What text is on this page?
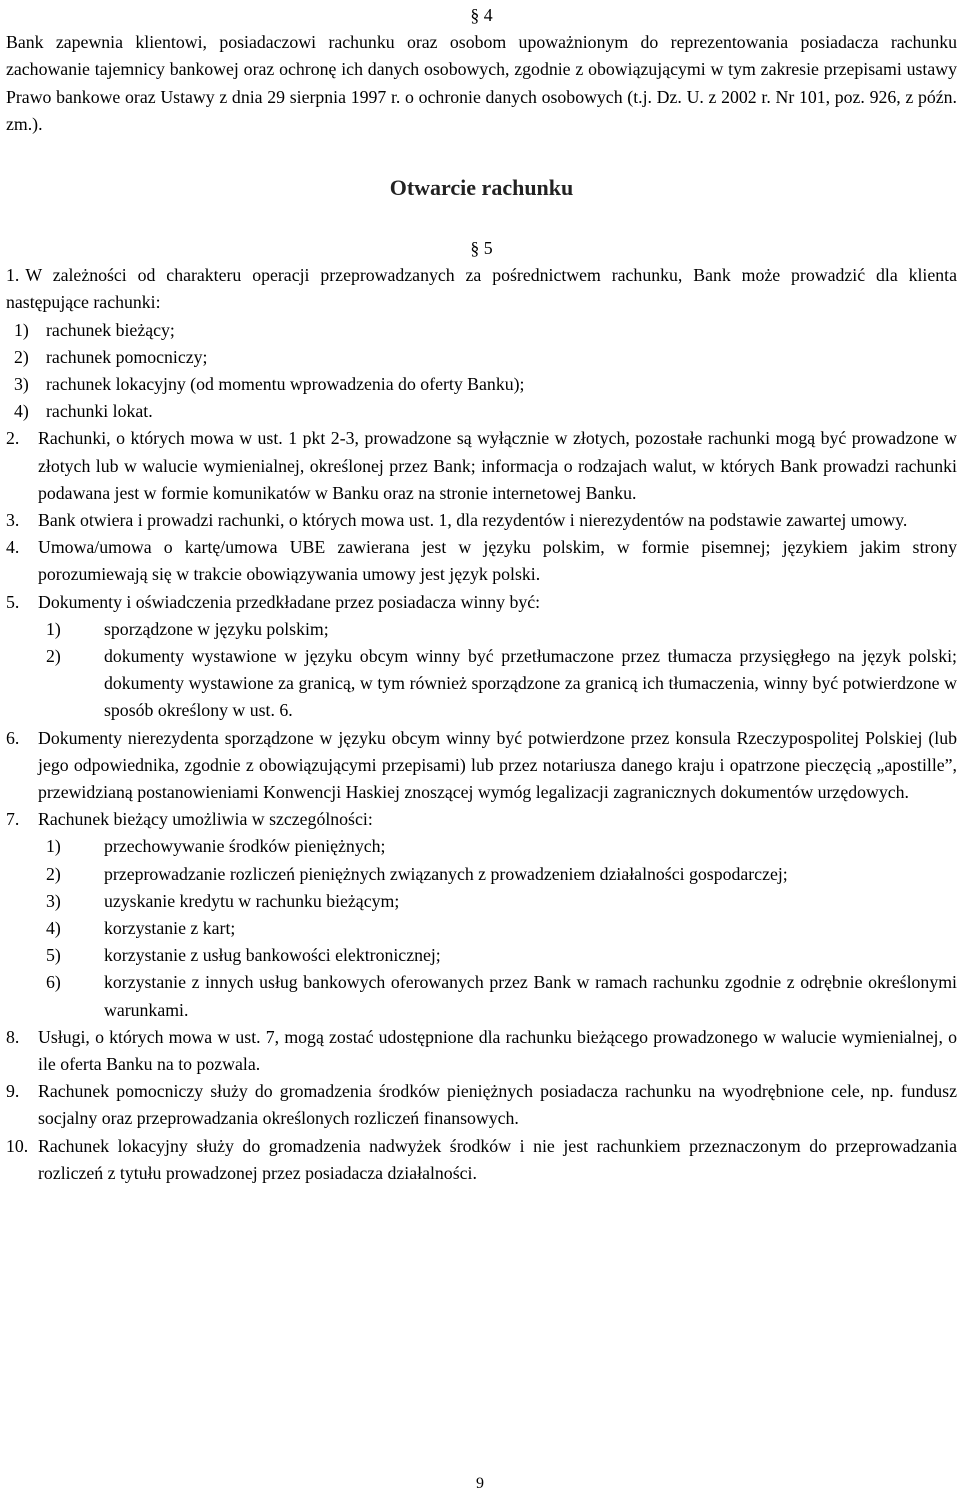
§ 4

Bank zapewnia klientowi, posiadaczowi rachunku oraz osobom upoważnionym do reprezentowania posiadacza rachunku zachowanie tajemnicy bankowej oraz ochronę ich danych osobowych, zgodnie z obowiązującymi w tym zakresie przepisami ustawy Prawo bankowe oraz Ustawy z dnia 29 sierpnia 1997 r. o ochronie danych osobowych (t.j. Dz. U. z 2002 r. Nr 101, poz. 926, z późn. zm.).

Otwarcie rachunku

§ 5

1. W zależności od charakteru operacji przeprowadzanych za pośrednictwem rachunku, Bank może prowadzić dla klienta następujące rachunki:
1) rachunek bieżący;
2) rachunek pomocniczy;
3) rachunek lokacyjny (od momentu wprowadzenia do oferty Banku);
4) rachunki lokat.
2. Rachunki, o których mowa w ust. 1 pkt 2-3, prowadzone są wyłącznie w złotych, pozostałe rachunki mogą być prowadzone w złotych lub w walucie wymienialnej, określonej przez Bank; informacja o rodzajach walut, w których Bank prowadzi rachunki podawana jest w formie komunikatów w Banku oraz na stronie internetowej Banku.
3. Bank otwiera i prowadzi rachunki, o których mowa ust. 1, dla rezydentów i nierezydentów na podstawie zawartej umowy.
4. Umowa/umowa o kartę/umowa UBE zawierana jest w języku polskim, w formie pisemnej; językiem jakim strony porozumiewają się w trakcie obowiązywania umowy jest język polski.
5. Dokumenty i oświadczenia przedkładane przez posiadacza winny być:
1) sporządzone w języku polskim;
2) dokumenty wystawione w języku obcym winny być przetłumaczone przez tłumacza przysięgłego na język polski; dokumenty wystawione za granicą, w tym również sporządzone za granicą ich tłumaczenia, winny być potwierdzone w sposób określony w ust. 6.
6. Dokumenty nierezydenta sporządzone w języku obcym winny być potwierdzone przez konsula Rzeczypospolitej Polskiej (lub jego odpowiednika, zgodnie z obowiązującymi przepisami) lub przez notariusza danego kraju i opatrzone pieczęcią „apostille”, przewidzianą postanowieniami Konwencji Haskiej znoszącej wymóg legalizacji zagranicznych dokumentów urzędowych.
7. Rachunek bieżący umożliwia w szczególności:
1) przechowywanie środków pieniężnych;
2) przeprowadzanie rozliczeń pieniężnych związanych z prowadzeniem działalności gospodarczej;
3) uzyskanie kredytu w rachunku bieżącym;
4) korzystanie z kart;
5) korzystanie z usług bankowości elektronicznej;
6) korzystanie z innych usług bankowych oferowanych przez Bank w ramach rachunku zgodnie z odrębnie określonymi warunkami.
8. Usługi, o których mowa w ust. 7, mogą zostać udostępnione dla rachunku bieżącego prowadzonego w walucie wymienialnej, o ile oferta Banku na to pozwala.
9. Rachunek pomocniczy służy do gromadzenia środków pieniężnych posiadacza rachunku na wyodrębnione cele, np. fundusz socjalny oraz przeprowadzania określonych rozliczeń finansowych.
10. Rachunek lokacyjny służy do gromadzenia nadwyżek środków i nie jest rachunkiem przeznaczonym do przeprowadzania rozliczeń z tytułu prowadzonej przez posiadacza działalności.
9
